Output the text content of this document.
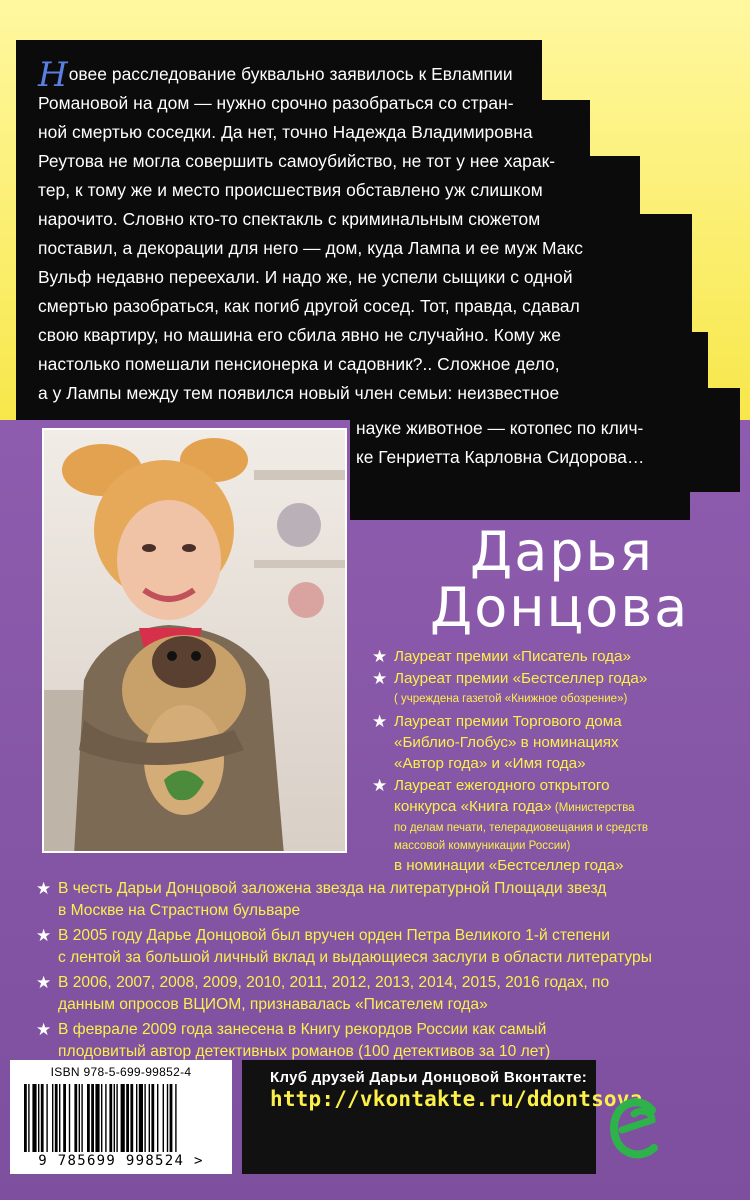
Новее расследование буквально заявилось к Евлампии
Романовой на дом — нужно срочно разобраться со стран-
ной смертью соседки. Да нет, точно Надежда Владимировна
Реутова не могла совершить самоубийство, не тот у нее харак-
тер, к тому же и место происшествия обставлено уж слишком
нарочито. Словно кто-то спектакль с криминальным сюжетом
поставил, а декорации для него — дом, куда Лампа и ее муж Макс
Вульф недавно переехали. И надо же, не успели сыщики с одной
смертью разобраться, как погиб другой сосед. Тот, правда, сдавал
свою квартиру, но машина его сбила явно не случайно. Кому же
настолько помешали пенсионерка и садовник?.. Сложное дело,
а у Лампы между тем появился новый член семьи: неизвестное
науке животное — котопес по клич-
ке Генриетта Карловна Сидорова…
Дарья
Донцова
★ Лауреат премии «Писатель года»
★ Лауреат премии «Бестселлер года»
( учреждена газетой «Книжное обозрение»)
★ Лауреат премии Торгового дома
«Библио-Глобус» в номинациях
«Автор года» и «Имя года»
★ Лауреат ежегодного открытого
конкурса «Книга года» (Министерства
по делам печати, телерадиовещания и средств
массовой коммуникации России)
в номинации «Бестселлер года»
★ В честь Дарьи Донцовой заложена звезда на литературной Площади звезд
в Москве на Страстном бульваре
★ В 2005 году Дарье Донцовой был вручен орден Петра Великого 1-й степени
с лентой за большой личный вклад и выдающиеся заслуги в области литературы
★ В 2006, 2007, 2008, 2009, 2010, 2011, 2012, 2013, 2014, 2015, 2016 годах, по
данным опросов ВЦИОМ, признавалась «Писателем года»
★ В феврале 2009 года занесена в Книгу рекордов России как самый
плодовитый автор детективных романов (100 детективов за 10 лет)
ISBN 978-5-699-99852-4
9 785699 998524 >
Клуб друзей Дарьи Донцовой Вконтакте:
http://vkontakte.ru/ddontsova
